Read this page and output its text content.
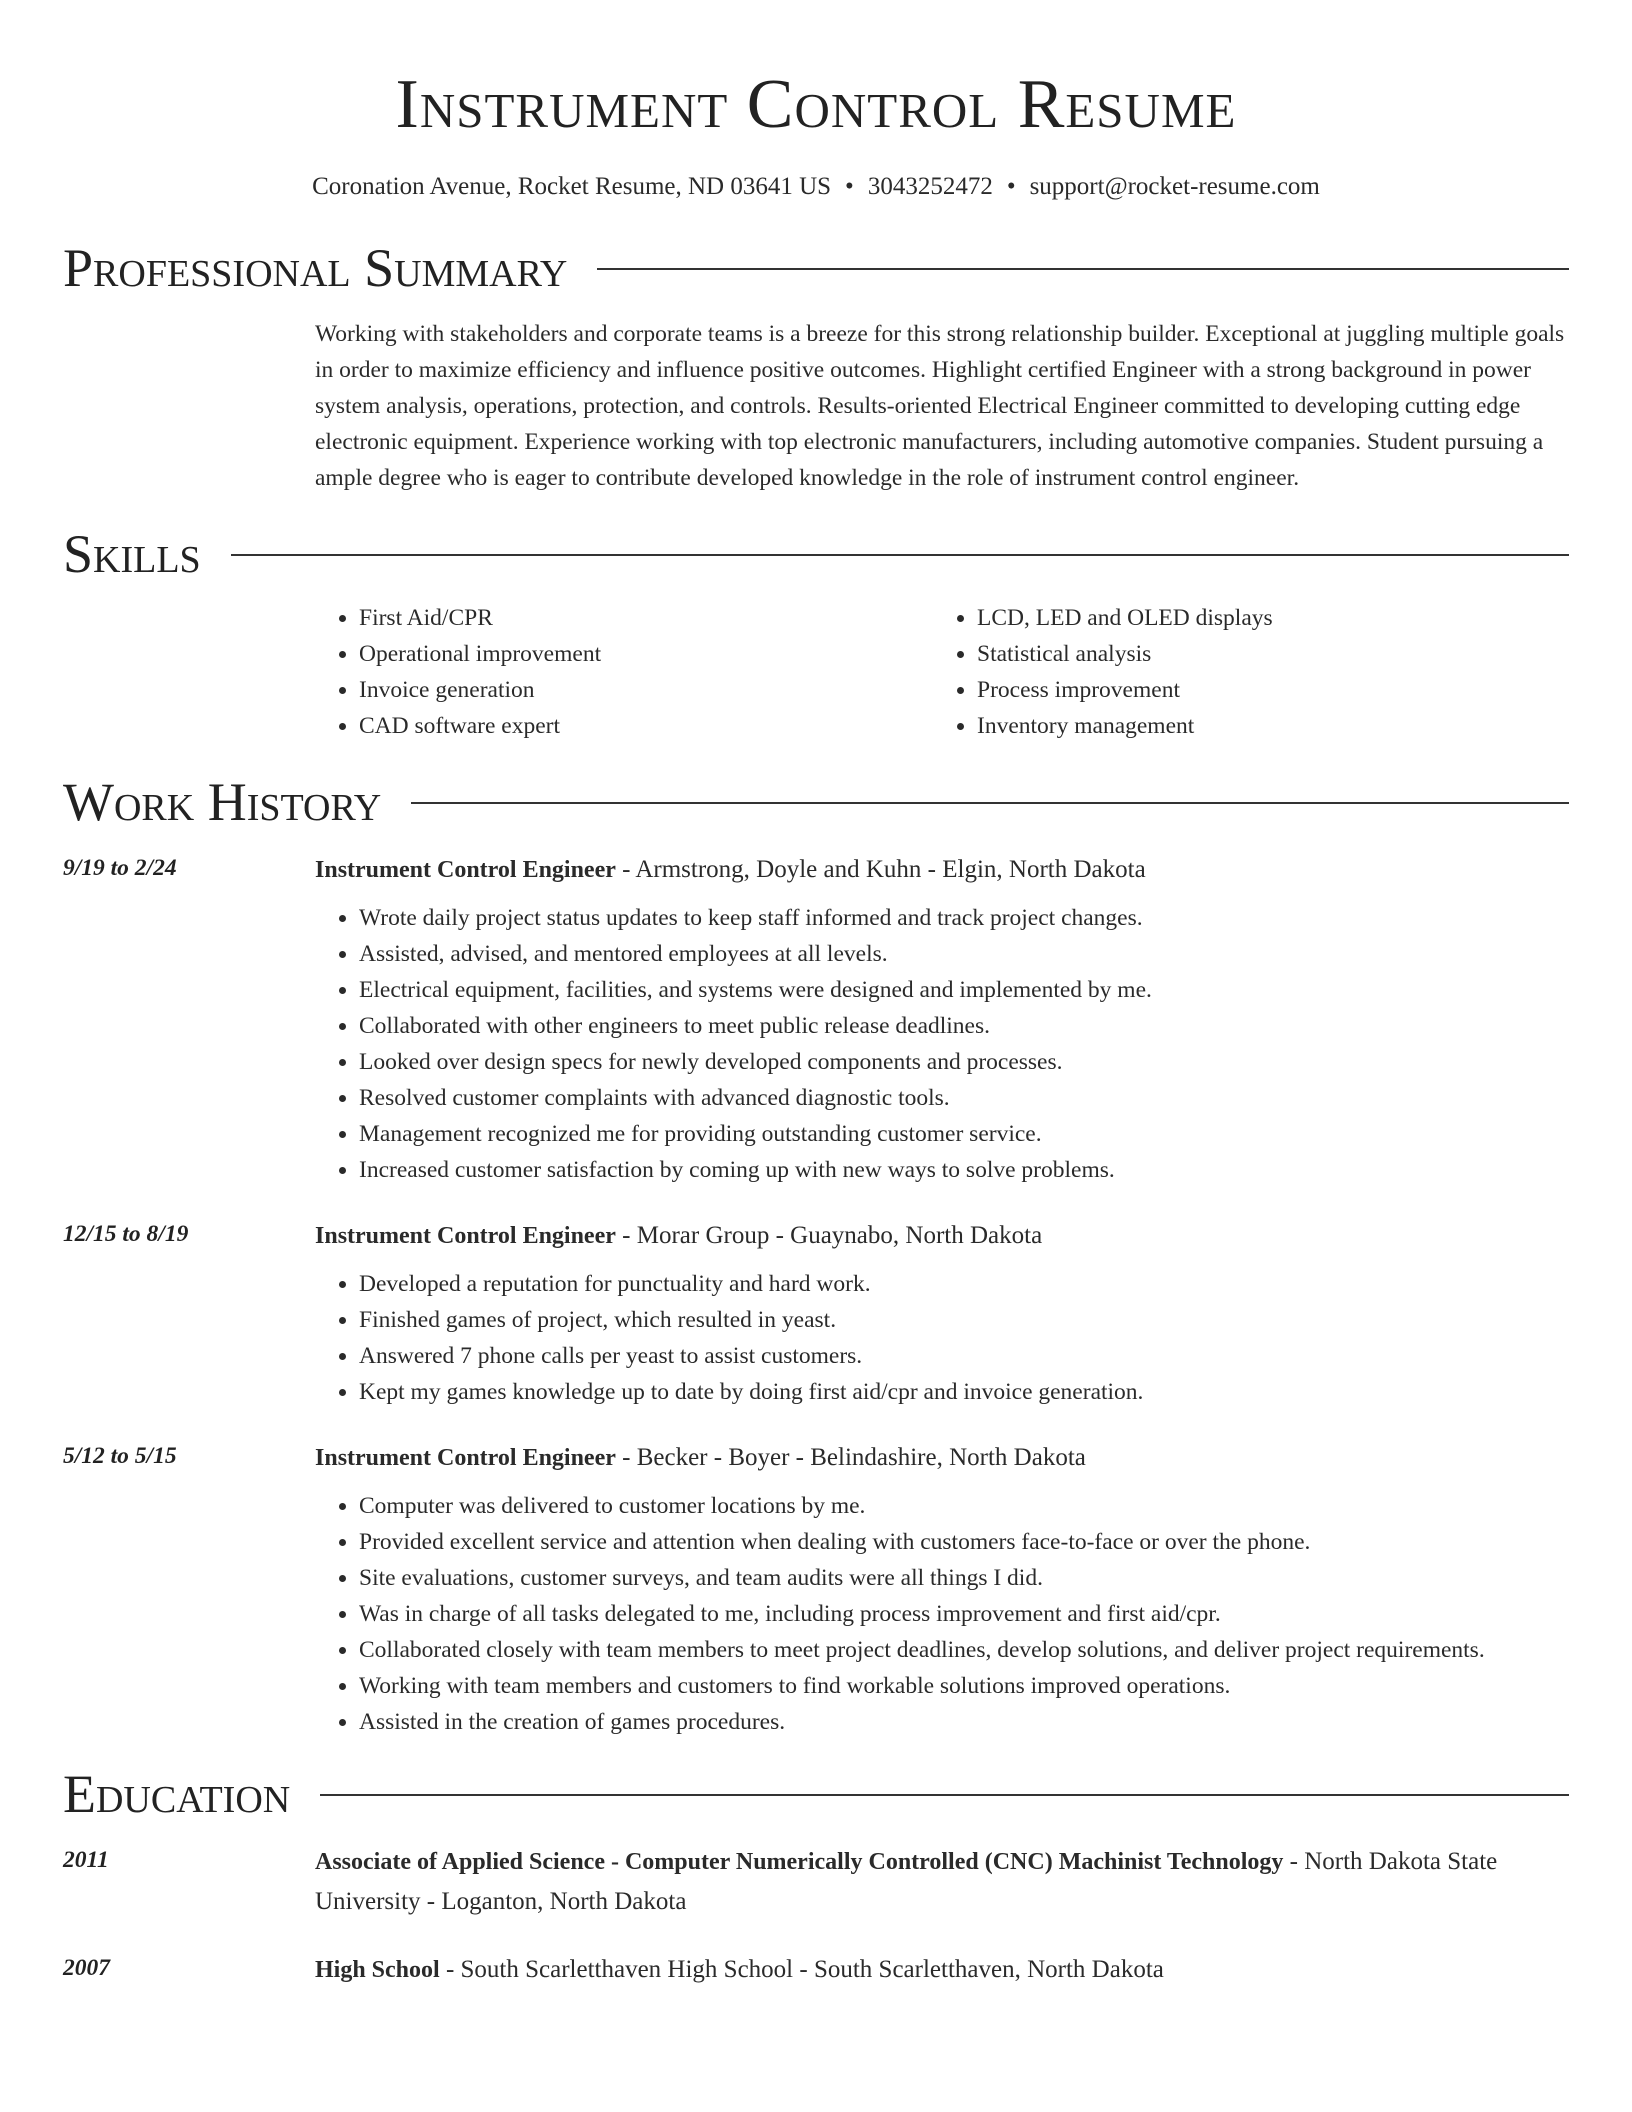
Instrument Control Resume
Coronation Avenue, Rocket Resume, ND 03641 US • 3043252472 • support@rocket-resume.com
Professional Summary
Working with stakeholders and corporate teams is a breeze for this strong relationship builder. Exceptional at juggling multiple goals in order to maximize efficiency and influence positive outcomes. Highlight certified Engineer with a strong background in power system analysis, operations, protection, and controls. Results-oriented Electrical Engineer committed to developing cutting edge electronic equipment. Experience working with top electronic manufacturers, including automotive companies. Student pursuing a ample degree who is eager to contribute developed knowledge in the role of instrument control engineer.
Skills
• First Aid/CPR
• Operational improvement
• Invoice generation
• CAD software expert
• LCD, LED and OLED displays
• Statistical analysis
• Process improvement
• Inventory management
Work History
9/19 to 2/24	Instrument Control Engineer - Armstrong, Doyle and Kuhn - Elgin, North Dakota
• Wrote daily project status updates to keep staff informed and track project changes.
• Assisted, advised, and mentored employees at all levels.
• Electrical equipment, facilities, and systems were designed and implemented by me.
• Collaborated with other engineers to meet public release deadlines.
• Looked over design specs for newly developed components and processes.
• Resolved customer complaints with advanced diagnostic tools.
• Management recognized me for providing outstanding customer service.
• Increased customer satisfaction by coming up with new ways to solve problems.
12/15 to 8/19	Instrument Control Engineer - Morar Group - Guaynabo, North Dakota
• Developed a reputation for punctuality and hard work.
• Finished games of project, which resulted in yeast.
• Answered 7 phone calls per yeast to assist customers.
• Kept my games knowledge up to date by doing first aid/cpr and invoice generation.
5/12 to 5/15	Instrument Control Engineer - Becker - Boyer - Belindashire, North Dakota
• Computer was delivered to customer locations by me.
• Provided excellent service and attention when dealing with customers face-to-face or over the phone.
• Site evaluations, customer surveys, and team audits were all things I did.
• Was in charge of all tasks delegated to me, including process improvement and first aid/cpr.
• Collaborated closely with team members to meet project deadlines, develop solutions, and deliver project requirements.
• Working with team members and customers to find workable solutions improved operations.
• Assisted in the creation of games procedures.
Education
2011	Associate of Applied Science - Computer Numerically Controlled (CNC) Machinist Technology - North Dakota State University - Loganton, North Dakota
2007	High School - South Scarletthaven High School - South Scarletthaven, North Dakota
